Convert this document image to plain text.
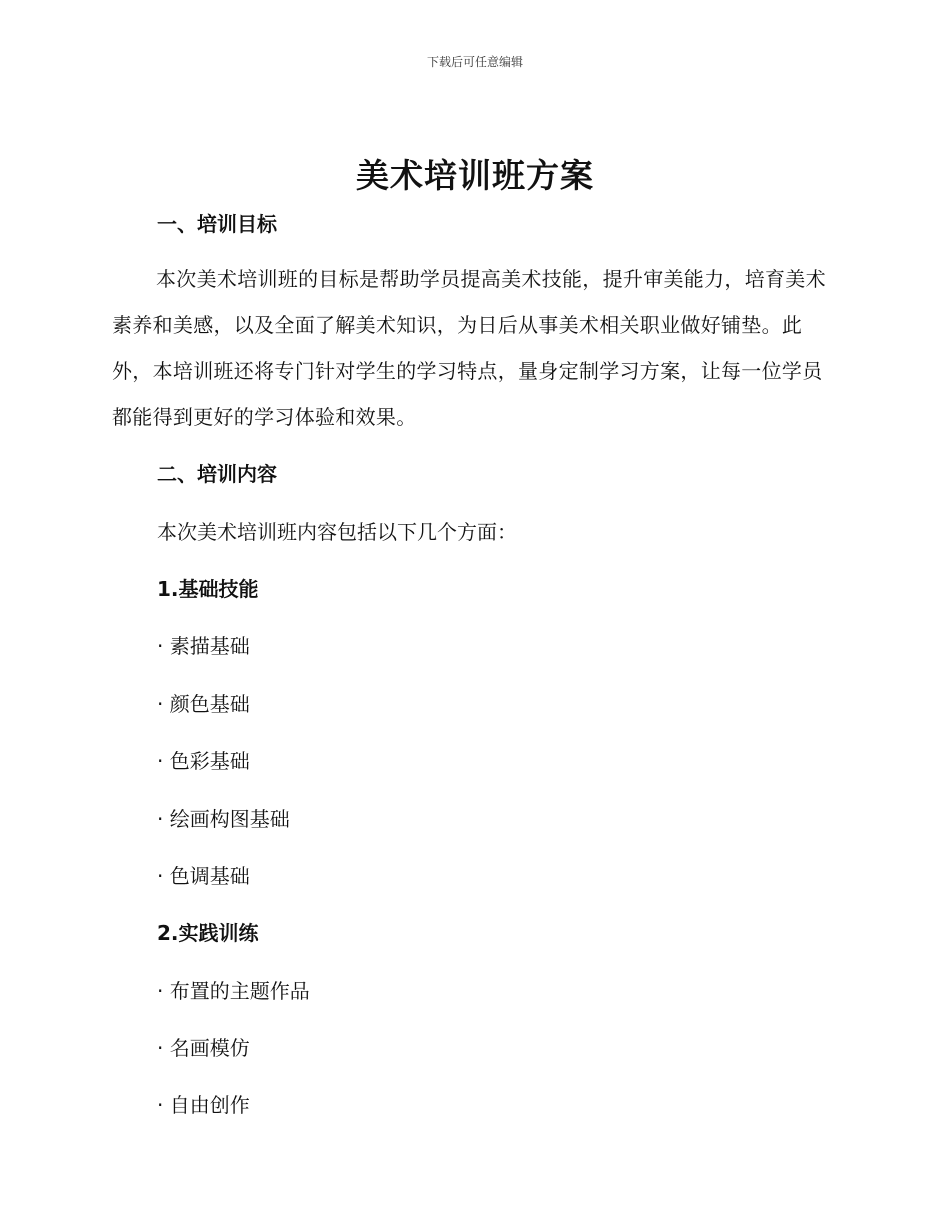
下载后可任意编辑
美术培训班方案
一、培训目标
本次美术培训班的目标是帮助学员提高美术技能，提升审美能力，培育美术素养和美感，以及全面了解美术知识，为日后从事美术相关职业做好铺垫。此外，本培训班还将专门针对学生的学习特点，量身定制学习方案，让每一位学员都能得到更好的学习体验和效果。
二、培训内容
本次美术培训班内容包括以下几个方面：
1.基础技能
· 素描基础
· 颜色基础
· 色彩基础
· 绘画构图基础
· 色调基础
2.实践训练
· 布置的主题作品
· 名画模仿
· 自由创作
